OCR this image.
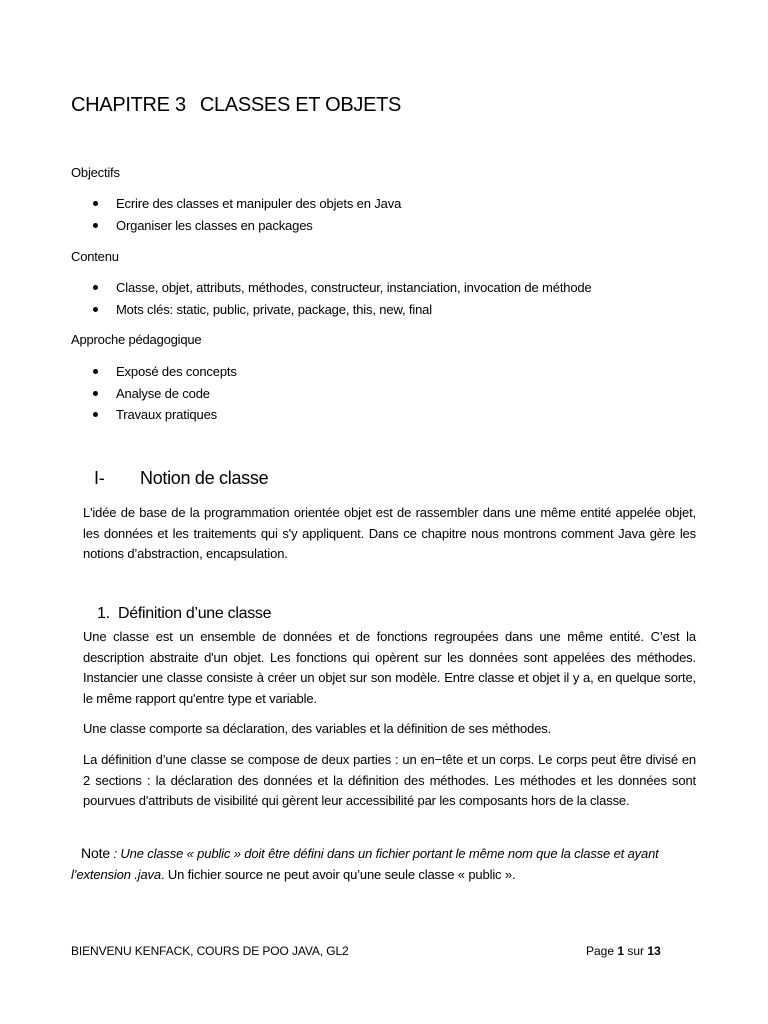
CHAPITRE 3 CLASSES ET OBJETS
Objectifs
Ecrire des classes et manipuler des objets en Java
Organiser les classes en packages
Contenu
Classe, objet, attributs, méthodes, constructeur, instanciation, invocation de méthode
Mots clés: static, public, private, package, this, new, final
Approche pédagogique
Exposé des concepts
Analyse de code
Travaux pratiques
I- Notion de classe

L'idée de base de la programmation orientée objet est de rassembler dans une même entité appelée objet, les données et les traitements qui s'y appliquent. Dans ce chapitre nous montrons comment Java gère les notions d’abstraction, encapsulation.

1. Définition d’une classe

Une classe est un ensemble de données et de fonctions regroupées dans une même entité. C’est la description abstraite d'un objet. Les fonctions qui opèrent sur les données sont appelées des méthodes. Instancier une classe consiste à créer un objet sur son modèle. Entre classe et objet il y a, en quelque sorte, le même rapport qu'entre type et variable.

Une classe comporte sa déclaration, des variables et la définition de ses méthodes.

La définition d’une classe se compose de deux parties : un en−tête et un corps. Le corps peut être divisé en 2 sections : la déclaration des données et la définition des méthodes. Les méthodes et les données sont pourvues d'attributs de visibilité qui gèrent leur accessibilité par les composants hors de la classe.

Note : Une classe « public » doit être défini dans un fichier portant le même nom que la classe et ayant l’extension .java. Un fichier source ne peut avoir qu’une seule classe « public ».
BIENVENU KENFACK, COURS DE POO JAVA, GL2	Page 1 sur 13
